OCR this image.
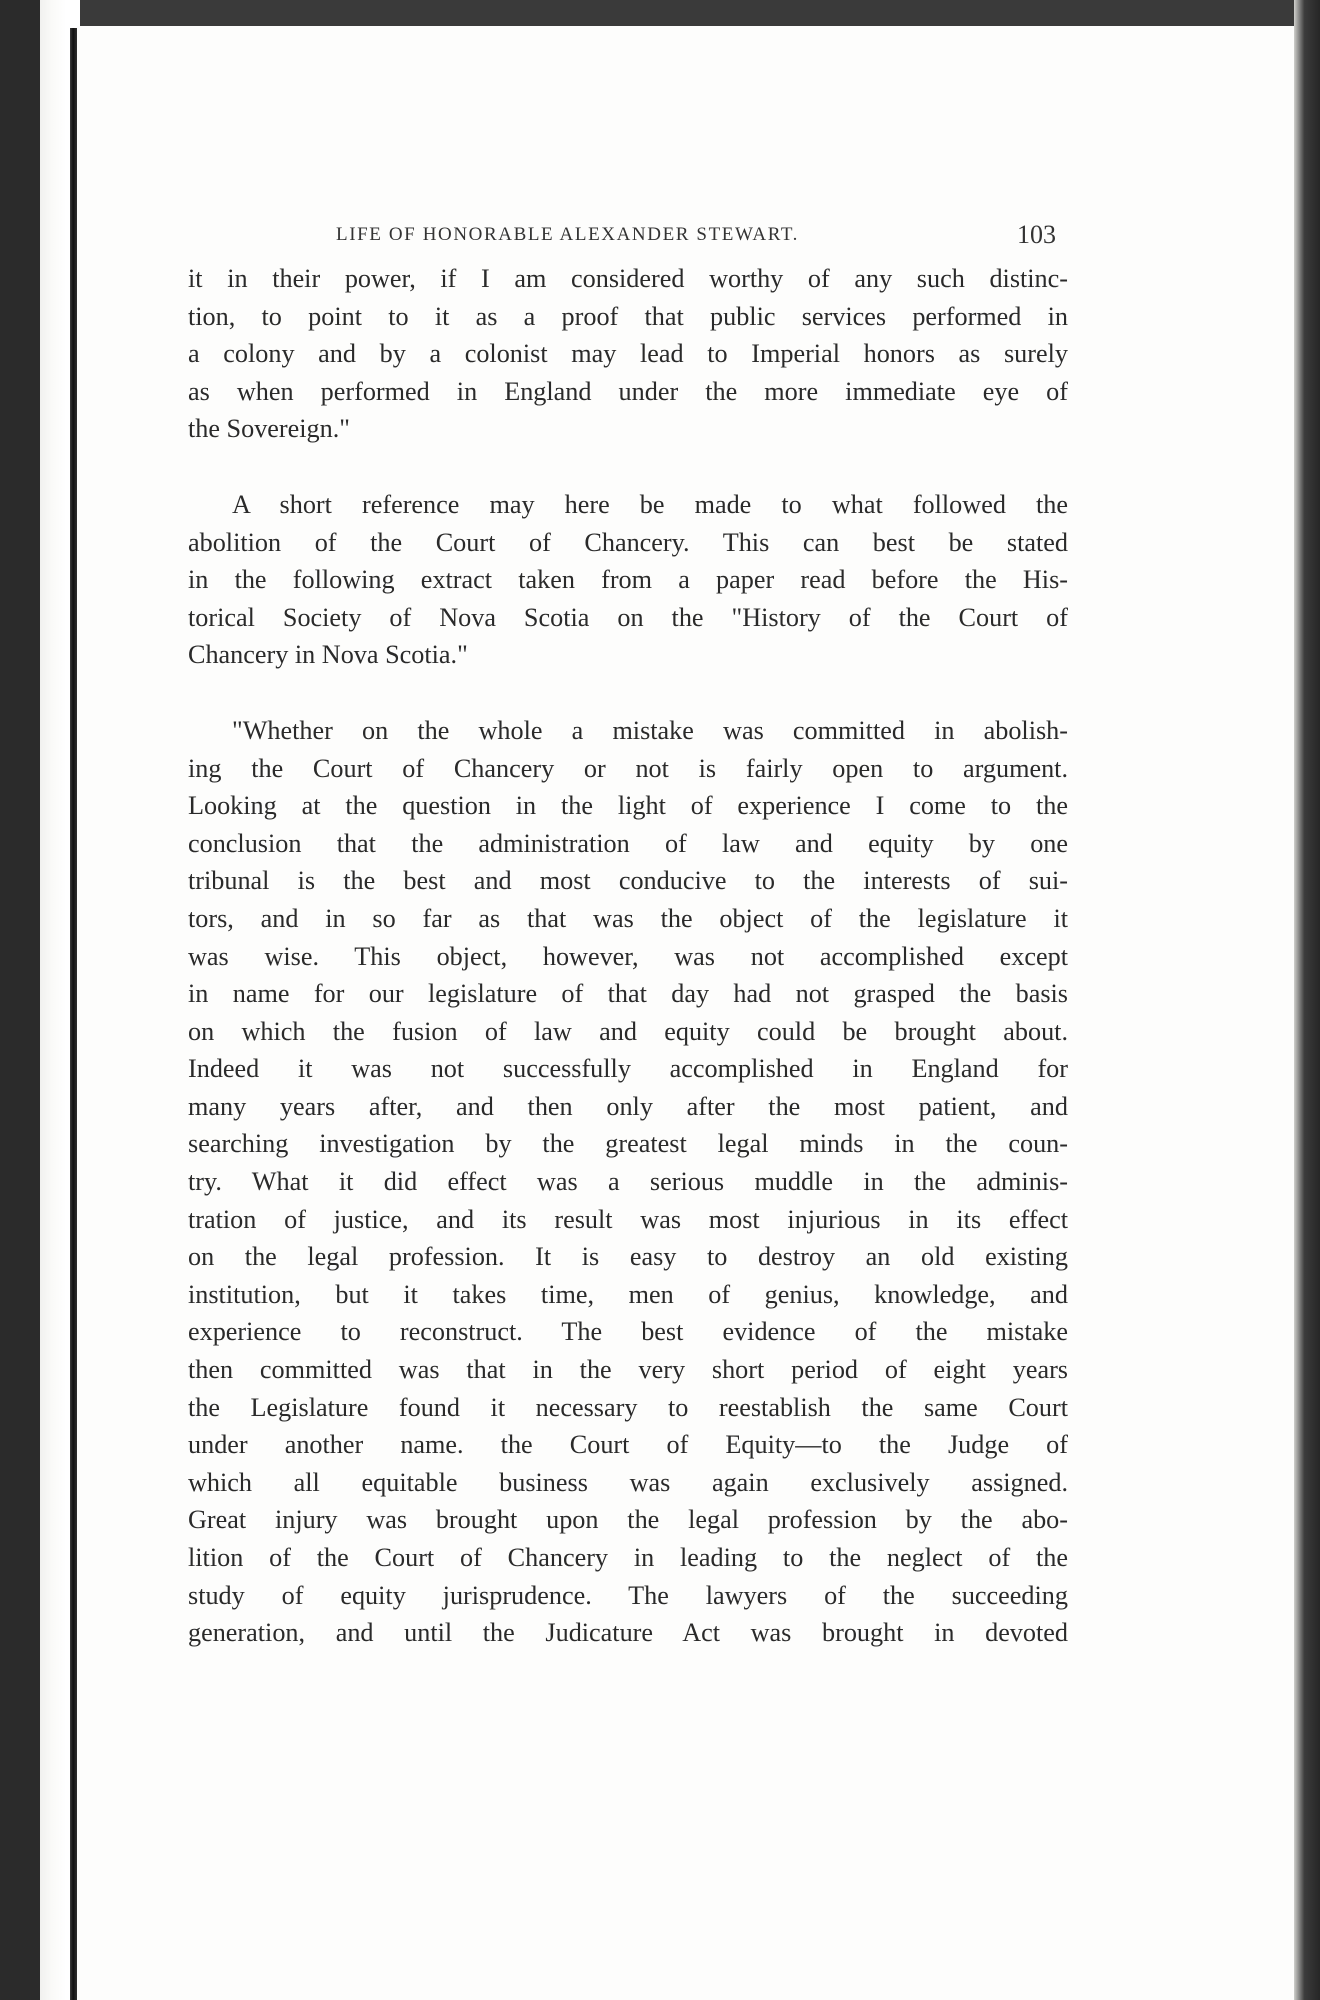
LIFE OF HONORABLE ALEXANDER STEWART.	103
it in their power, if I am considered worthy of any such distinc-
tion, to point to it as a proof that public services performed in
a colony and by a colonist may lead to Imperial honors as surely
as when performed in England under the more immediate eye of
the Sovereign."
A short reference may here be made to what followed the
abolition of the Court of Chancery. This can best be stated
in the following extract taken from a paper read before the His-
torical Society of Nova Scotia on the "History of the Court of
Chancery in Nova Scotia."
"Whether on the whole a mistake was committed in abolish-
ing the Court of Chancery or not is fairly open to argument.
Looking at the question in the light of experience I come to the
conclusion that the administration of law and equity by one
tribunal is the best and most conducive to the interests of sui-
tors, and in so far as that was the object of the legislature it
was wise. This object, however, was not accomplished except
in name for our legislature of that day had not grasped the basis
on which the fusion of law and equity could be brought about.
Indeed it was not successfully accomplished in England for
many years after, and then only after the most patient, and
searching investigation by the greatest legal minds in the coun-
try. What it did effect was a serious muddle in the adminis-
tration of justice, and its result was most injurious in its effect
on the legal profession. It is easy to destroy an old existing
institution, but it takes time, men of genius, knowledge, and
experience to reconstruct. The best evidence of the mistake
then committed was that in the very short period of eight years
the Legislature found it necessary to reestablish the same Court
under another name. the Court of Equity—to the Judge of
which all equitable business was again exclusively assigned.
Great injury was brought upon the legal profession by the abo-
lition of the Court of Chancery in leading to the neglect of the
study of equity jurisprudence. The lawyers of the succeeding
generation, and until the Judicature Act was brought in devoted
